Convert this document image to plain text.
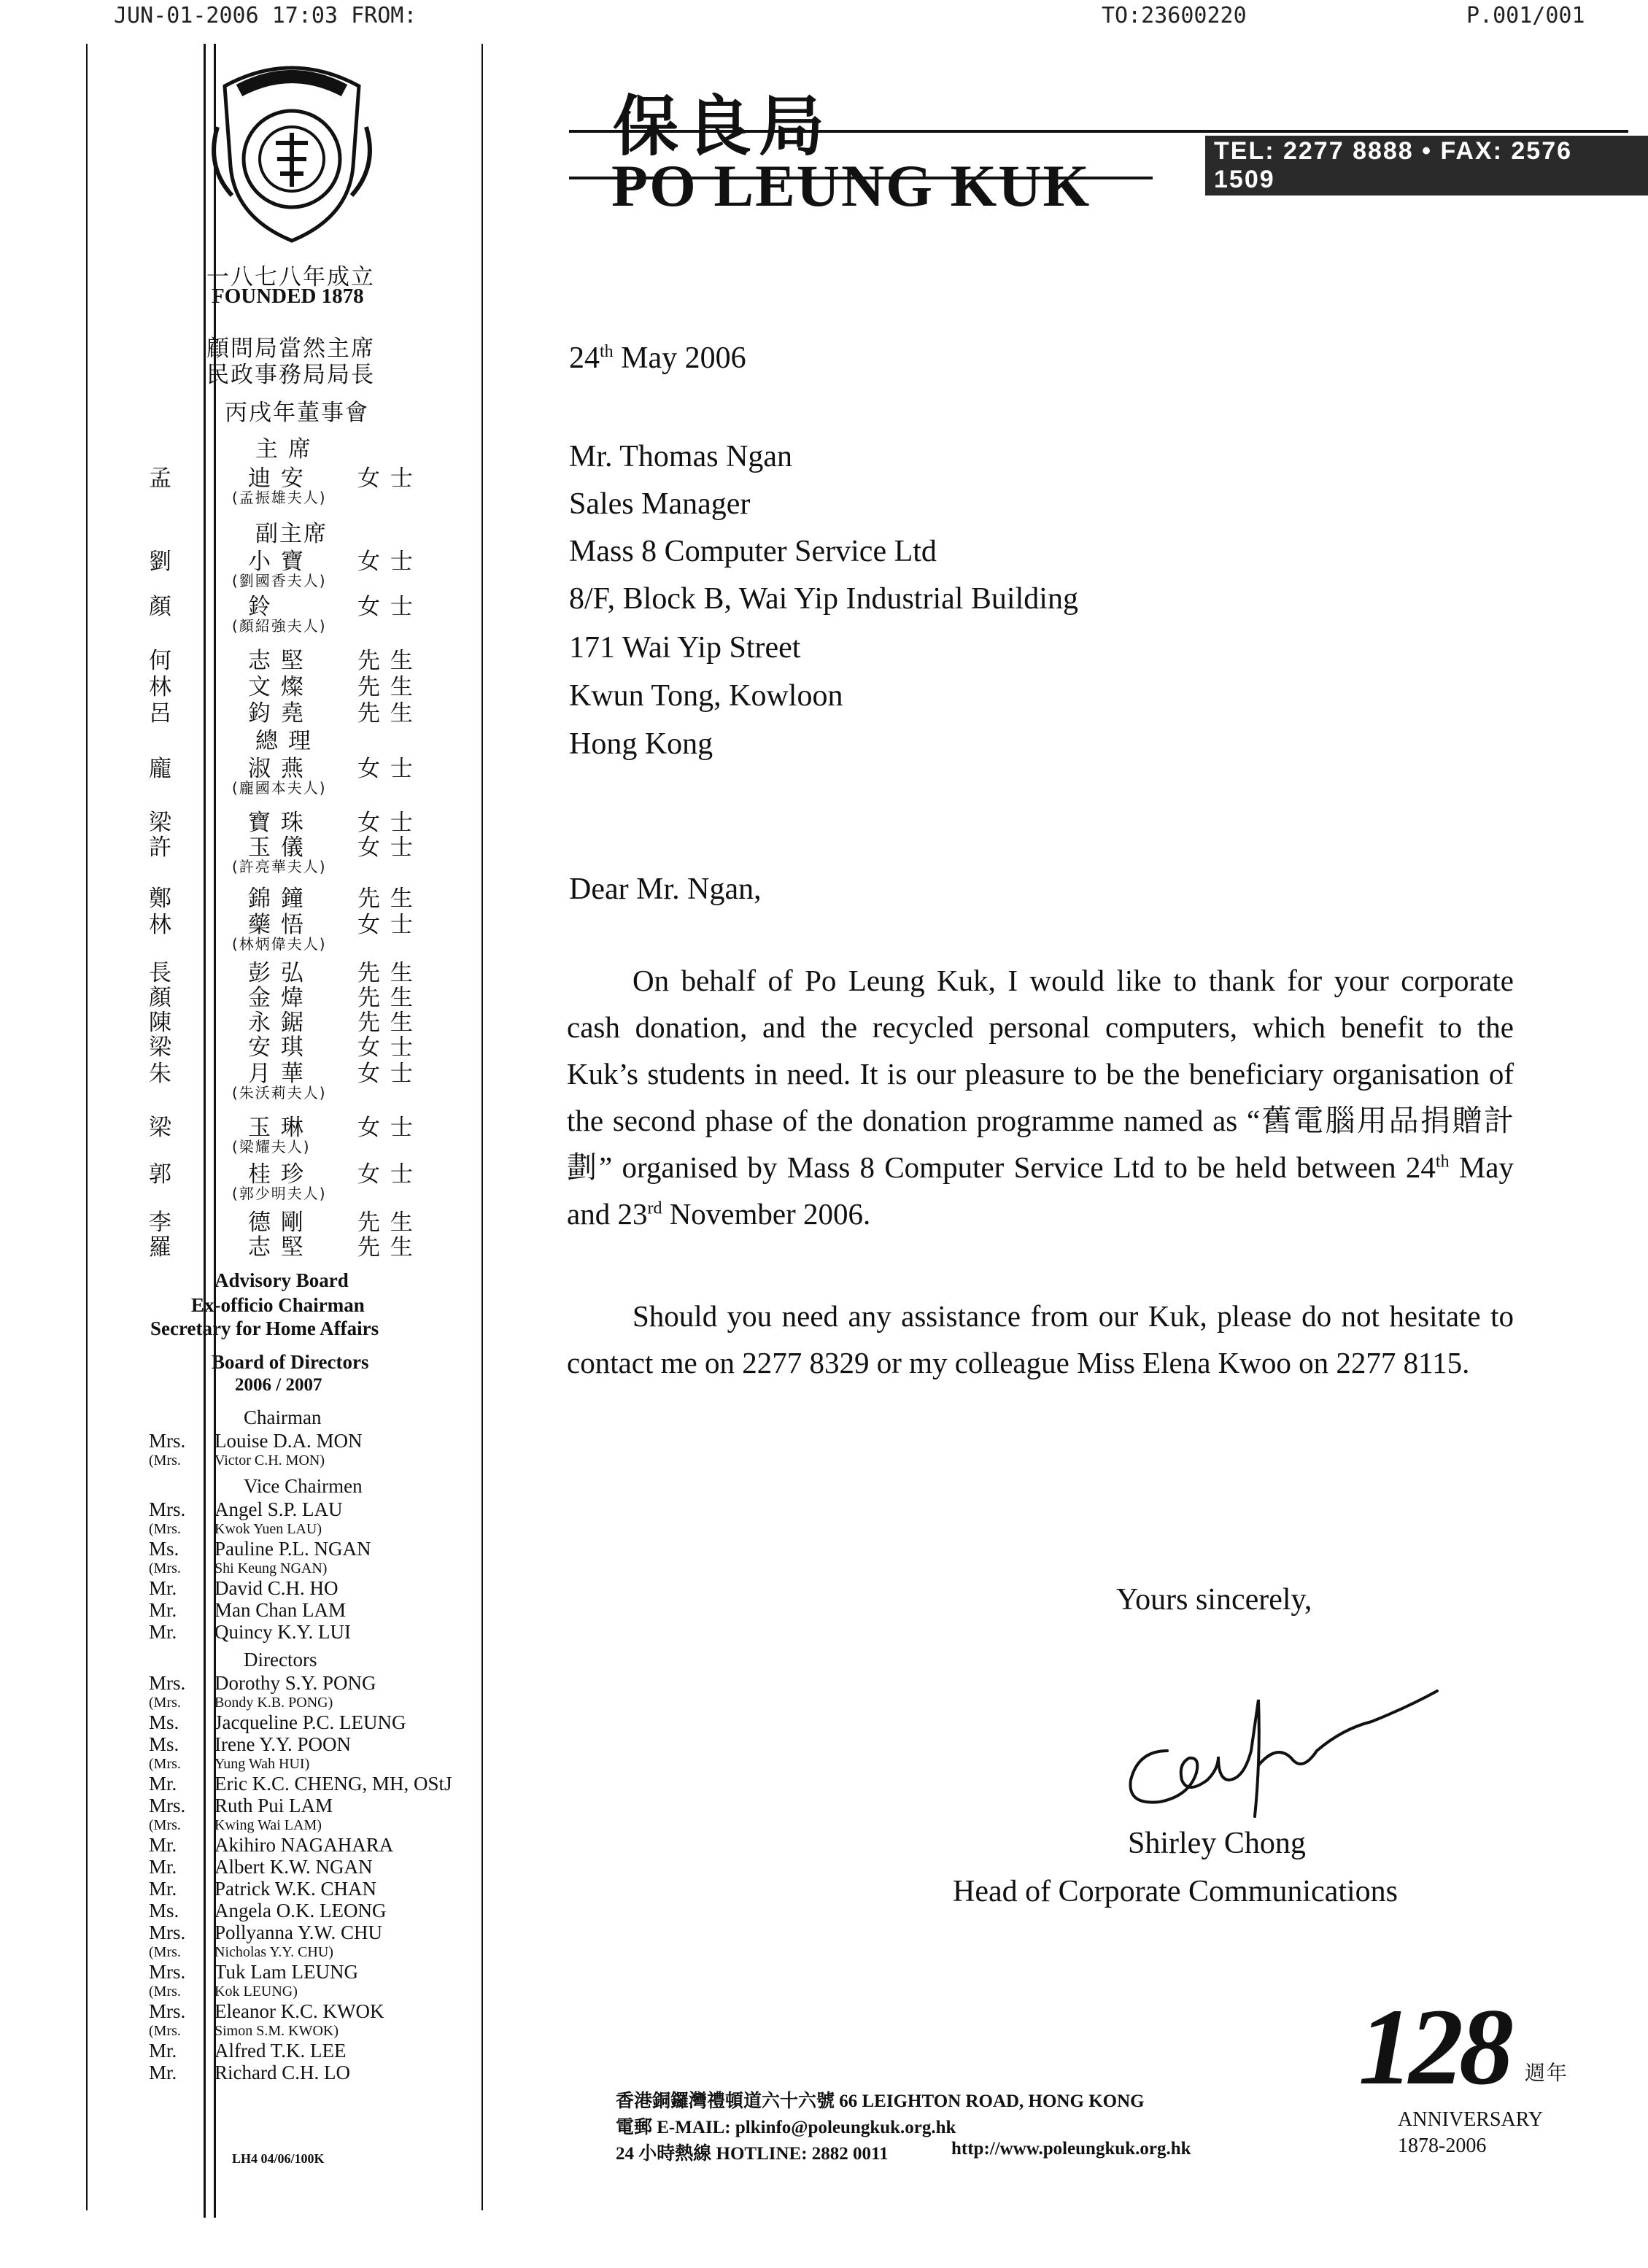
JUN-01-2006 17:03 FROM:	TO:23600220	P.001/001
一八七八年成立
FOUNDED 1878
顧問局當然主席
民政事務局局長
丙戌年董事會
主 席
副主席
總 理
孟	迪 安 女 士
(孟振雄夫人)
劉	小 寶 女 士
(劉國香夫人)
顏	鈴	女 士
(顏紹強夫人)
何	志 堅 先 生
林	文 燦 先 生
呂	鈞 堯 先 生
龐	淑 燕 女 士
(龐國本夫人)
梁	寶 珠 女 士
許	玉 儀 女 士
(許亮華夫人)
鄭	錦 鐘 先 生
林	藥 悟 女 士
(林炳偉夫人)
長	彭 弘 先 生
顏	金 煒 先 生
陳	永 鋸 先 生
梁	安 琪 女 士
朱	月 華 女 士
(朱沃莉夫人)
梁	玉 琳 女 士
(梁耀夫人)
郭	桂 珍 女 士
(郭少明夫人)
李	德 剛 先 生
羅	志 堅 先 生
Advisory Board
Ex-officio Chairman
Secretary for Home Affairs
Board of Directors
2006 / 2007
Chairman
Mrs. Louise D.A. MON
(Mrs. Victor C.H. MON)
Vice Chairmen
Mrs. Angel S.P. LAU
(Mrs. Kwok Yuen LAU)
Ms. Pauline P.L. NGAN
(Mrs. Shi Keung NGAN)
Mr. David C.H. HO
Mr. Man Chan LAM
Mr. Quincy K.Y. LUI
Directors
Mrs. Dorothy S.Y. PONG
(Mrs. Bondy K.B. PONG)
Ms. Jacqueline P.C. LEUNG
Ms. Irene Y.Y. POON
(Mrs. Yung Wah HUI)
Mr. Eric K.C. CHENG, MH, OStJ
Mrs. Ruth Pui LAM
(Mrs. Kwing Wai LAM)
Mr. Akihiro NAGAHARA
Mr. Albert K.W. NGAN
Mr. Patrick W.K. CHAN
Ms. Angela O.K. LEONG
Mrs. Pollyanna Y.W. CHU
(Mrs. Nicholas Y.Y. CHU)
Mrs. Tuk Lam LEUNG
(Mrs. Kok LEUNG)
Mrs. Eleanor K.C. KWOK
(Mrs. Simon S.M. KWOK)
Mr. Alfred T.K. LEE
Mr. Richard C.H. LO
LH4 04/06/100K
保良局
PO LEUNG KUK
TEL: 2277 8888 • FAX: 2576 1509
24th May 2006
Mr. Thomas Ngan
Sales Manager
Mass 8 Computer Service Ltd
8/F, Block B, Wai Yip Industrial Building
171 Wai Yip Street
Kwun Tong, Kowloon
Hong Kong
Dear Mr. Ngan,
On behalf of Po Leung Kuk, I would like to thank for your corporate cash donation, and the recycled personal computers, which benefit to the Kuk’s students in need. It is our pleasure to be the beneficiary organisation of the second phase of the donation programme named as “舊電腦用品捐贈計劃” organised by Mass 8 Computer Service Ltd to be held between 24th May and 23rd November 2006.
Should you need any assistance from our Kuk, please do not hesitate to contact me on 2277 8329 or my colleague Miss Elena Kwoo on 2277 8115.
Yours sincerely,
Shirley Chong
Head of Corporate Communications
香港銅鑼灣禮頓道六十六號 66 LEIGHTON ROAD, HONG KONG
電郵 E-MAIL: plkinfo@poleungkuk.org.hk
24 小時熱線 HOTLINE: 2882 0011	http://www.poleungkuk.org.hk
128 週年
ANNIVERSARY
1878-2006
